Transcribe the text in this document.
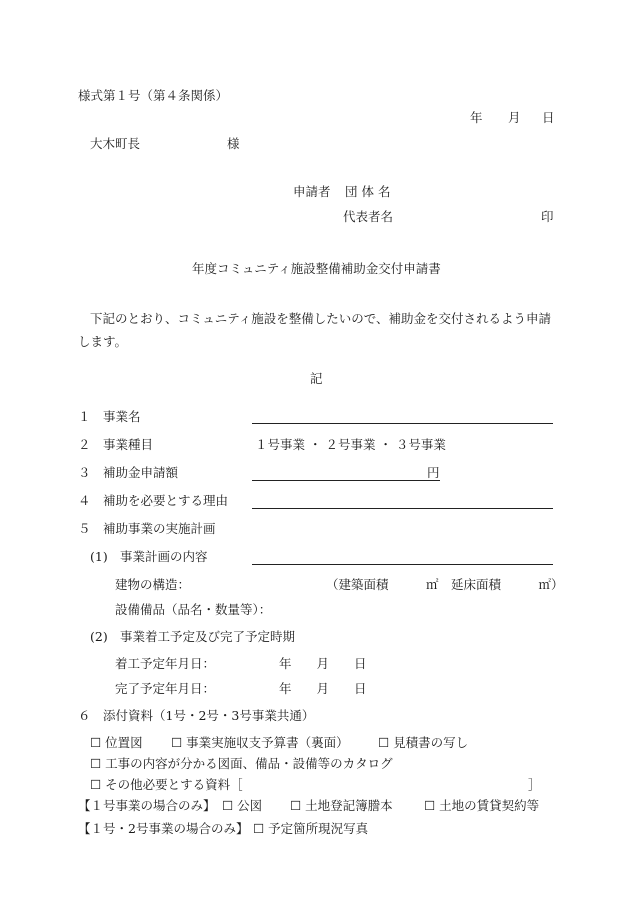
様式第１号（第４条関係）
年 月 日
大木町長	様
申請者 団 体 名
代表者名	印
年度コミュニティ施設整備補助金交付申請書
下記のとおり、コミュニティ施設を整備したいので、補助金を交付されるよう申請
します。
記
１ 事業名
２ 事業種目	１号事業 ・ ２号事業 ・ ３号事業
３ 補助金申請額	円
４ 補助を必要とする理由
５ 補助事業の実施計画
(1) 事業計画の内容
建物の構造：	（建築面積　　　㎡　延床面積　　　㎡）
設備備品（品名・数量等）：
(2) 事業着工予定及び完了予定時期
着工予定年月日：	年　　月　　日
完了予定年月日：	年　　月　　日
６ 添付資料（1号・2号・3号事業共通）
☐ 位置図 ☐ 事業実施収支予算書（裏面） ☐ 見積書の写し
☐ 工事の内容が分かる図面、備品・設備等のカタログ
☐ その他必要とする資料［	］
【１号事業の場合のみ】 ☐ 公図 ☐ 土地登記簿謄本	☐ 土地の賃貸契約等
【１号・2号事業の場合のみ】 ☐ 予定箇所現況写真
